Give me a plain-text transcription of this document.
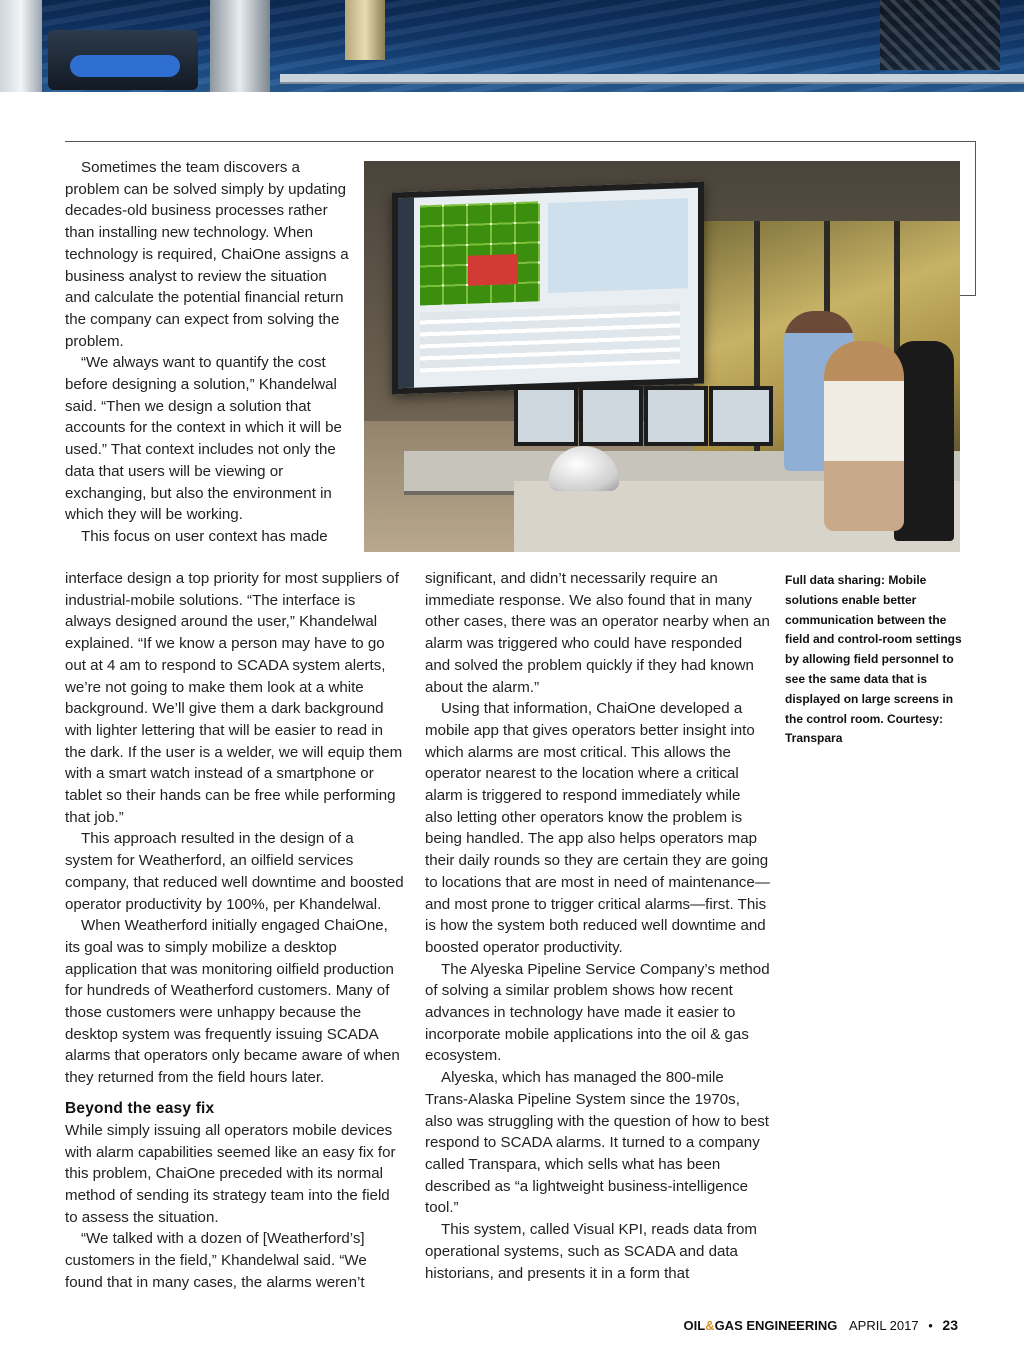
Sometimes the team discovers a problem can be solved simply by updating decades-old business processes rather than installing new technology. When technology is required, ChaiOne assigns a business analyst to review the situation and calculate the potential financial return the company can expect from solving the problem.

“We always want to quantify the cost before designing a solution,” Khandelwal said. “Then we design a solution that accounts for the context in which it will be used.” That context includes not only the data that users will be viewing or exchanging, but also the environment in which they will be working.

This focus on user context has made

interface design a top priority for most suppliers of industrial-mobile solutions. “The interface is always designed around the user,” Khandelwal explained. “If we know a person may have to go out at 4 am to respond to SCADA system alerts, we’re not going to make them look at a white background. We’ll give them a dark background with lighter lettering that will be easier to read in the dark. If the user is a welder, we will equip them with a smart watch instead of a smartphone or tablet so their hands can be free while performing that job.”

This approach resulted in the design of a system for Weatherford, an oilfield services company, that reduced well downtime and boosted operator productivity by 100%, per Khandelwal.

When Weatherford initially engaged ChaiOne, its goal was to simply mobilize a desktop application that was monitoring oilfield production for hundreds of Weatherford customers. Many of those customers were unhappy because the desktop system was frequently issuing SCADA alarms that operators only became aware of when they returned from the field hours later.

Beyond the easy fix

While simply issuing all operators mobile devices with alarm capabilities seemed like an easy fix for this problem, ChaiOne preceded with its normal method of sending its strategy team into the field to assess the situation.

“We talked with a dozen of [Weatherford’s] customers in the field,” Khandelwal said. “We found that in many cases, the alarms weren’t

significant, and didn’t necessarily require an immediate response. We also found that in many other cases, there was an operator nearby when an alarm was triggered who could have responded and solved the problem quickly if they had known about the alarm.”

Using that information, ChaiOne developed a mobile app that gives operators better insight into which alarms are most critical. This allows the operator nearest to the location where a critical alarm is triggered to respond immediately while also letting other operators know the problem is being handled. The app also helps operators map their daily rounds so they are certain they are going to locations that are most in need of maintenance—and most prone to trigger critical alarms—first. This is how the system both reduced well downtime and boosted operator productivity.

The Alyeska Pipeline Service Company’s method of solving a similar problem shows how recent advances in technology have made it easier to incorporate mobile applications into the oil & gas ecosystem.

Alyeska, which has managed the 800-mile Trans-Alaska Pipeline System since the 1970s, also was struggling with the question of how to best respond to SCADA alarms. It turned to a company called Transpara, which sells what has been described as “a lightweight business-intelligence tool.”

This system, called Visual KPI, reads data from operational systems, such as SCADA and data historians, and presents it in a form that

Full data sharing: Mobile solutions enable better communication between the field and control-room settings by allowing field personnel to see the same data that is displayed on large screens in the control room. Courtesy: Transpara
OIL&GAS ENGINEERING APRIL 2017 • 23
